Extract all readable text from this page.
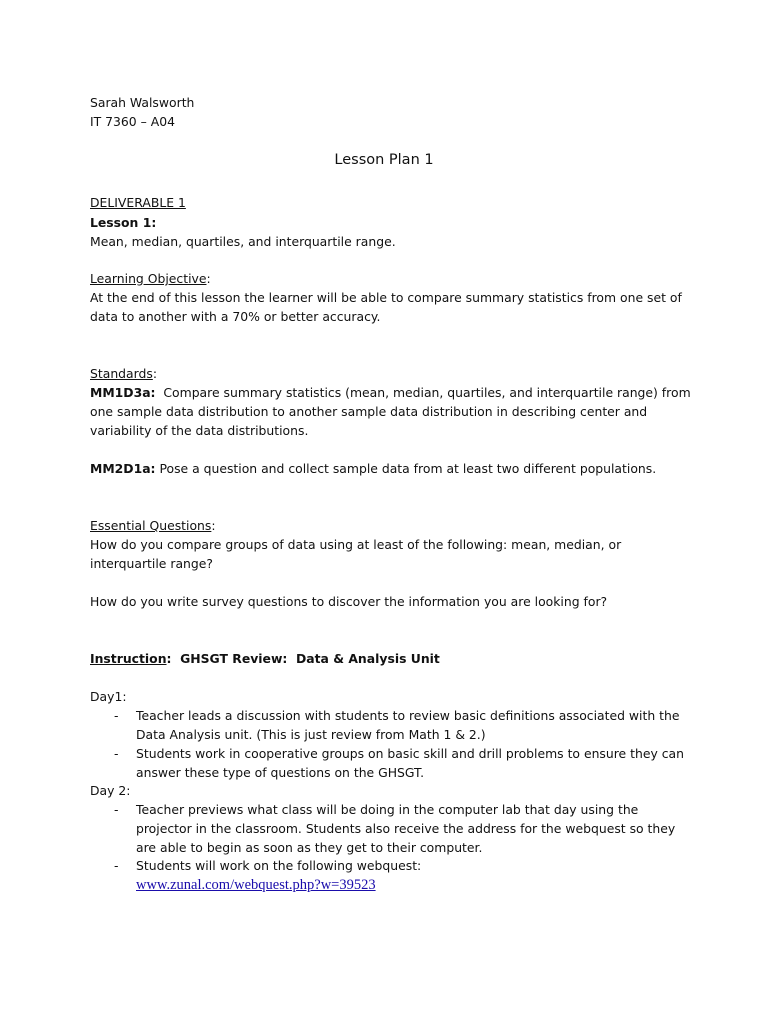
Sarah Walsworth
IT 7360 – A04
Lesson Plan 1
DELIVERABLE 1
Lesson 1:
Mean, median, quartiles, and interquartile range.
Learning Objective:
At the end of this lesson the learner will be able to compare summary statistics from one set of
data to another with a 70% or better accuracy.
Standards:
MM1D3a:  Compare summary statistics (mean, median, quartiles, and interquartile range) from
one sample data distribution to another sample data distribution in describing center and
variability of the data distributions.
MM2D1a: Pose a question and collect sample data from at least two different populations.
Essential Questions:
How do you compare groups of data using at least of the following: mean, median, or
interquartile range?
How do you write survey questions to discover the information you are looking for?
Instruction:  GHSGT Review:  Data & Analysis Unit
Day1:
- Teacher leads a discussion with students to review basic definitions associated with the
Data Analysis unit. (This is just review from Math 1 & 2.)
- Students work in cooperative groups on basic skill and drill problems to ensure they can
answer these type of questions on the GHSGT.
Day 2:
- Teacher previews what class will be doing in the computer lab that day using the
projector in the classroom. Students also receive the address for the webquest so they
are able to begin as soon as they get to their computer.
- Students will work on the following webquest:
www.zunal.com/webquest.php?w=39523
